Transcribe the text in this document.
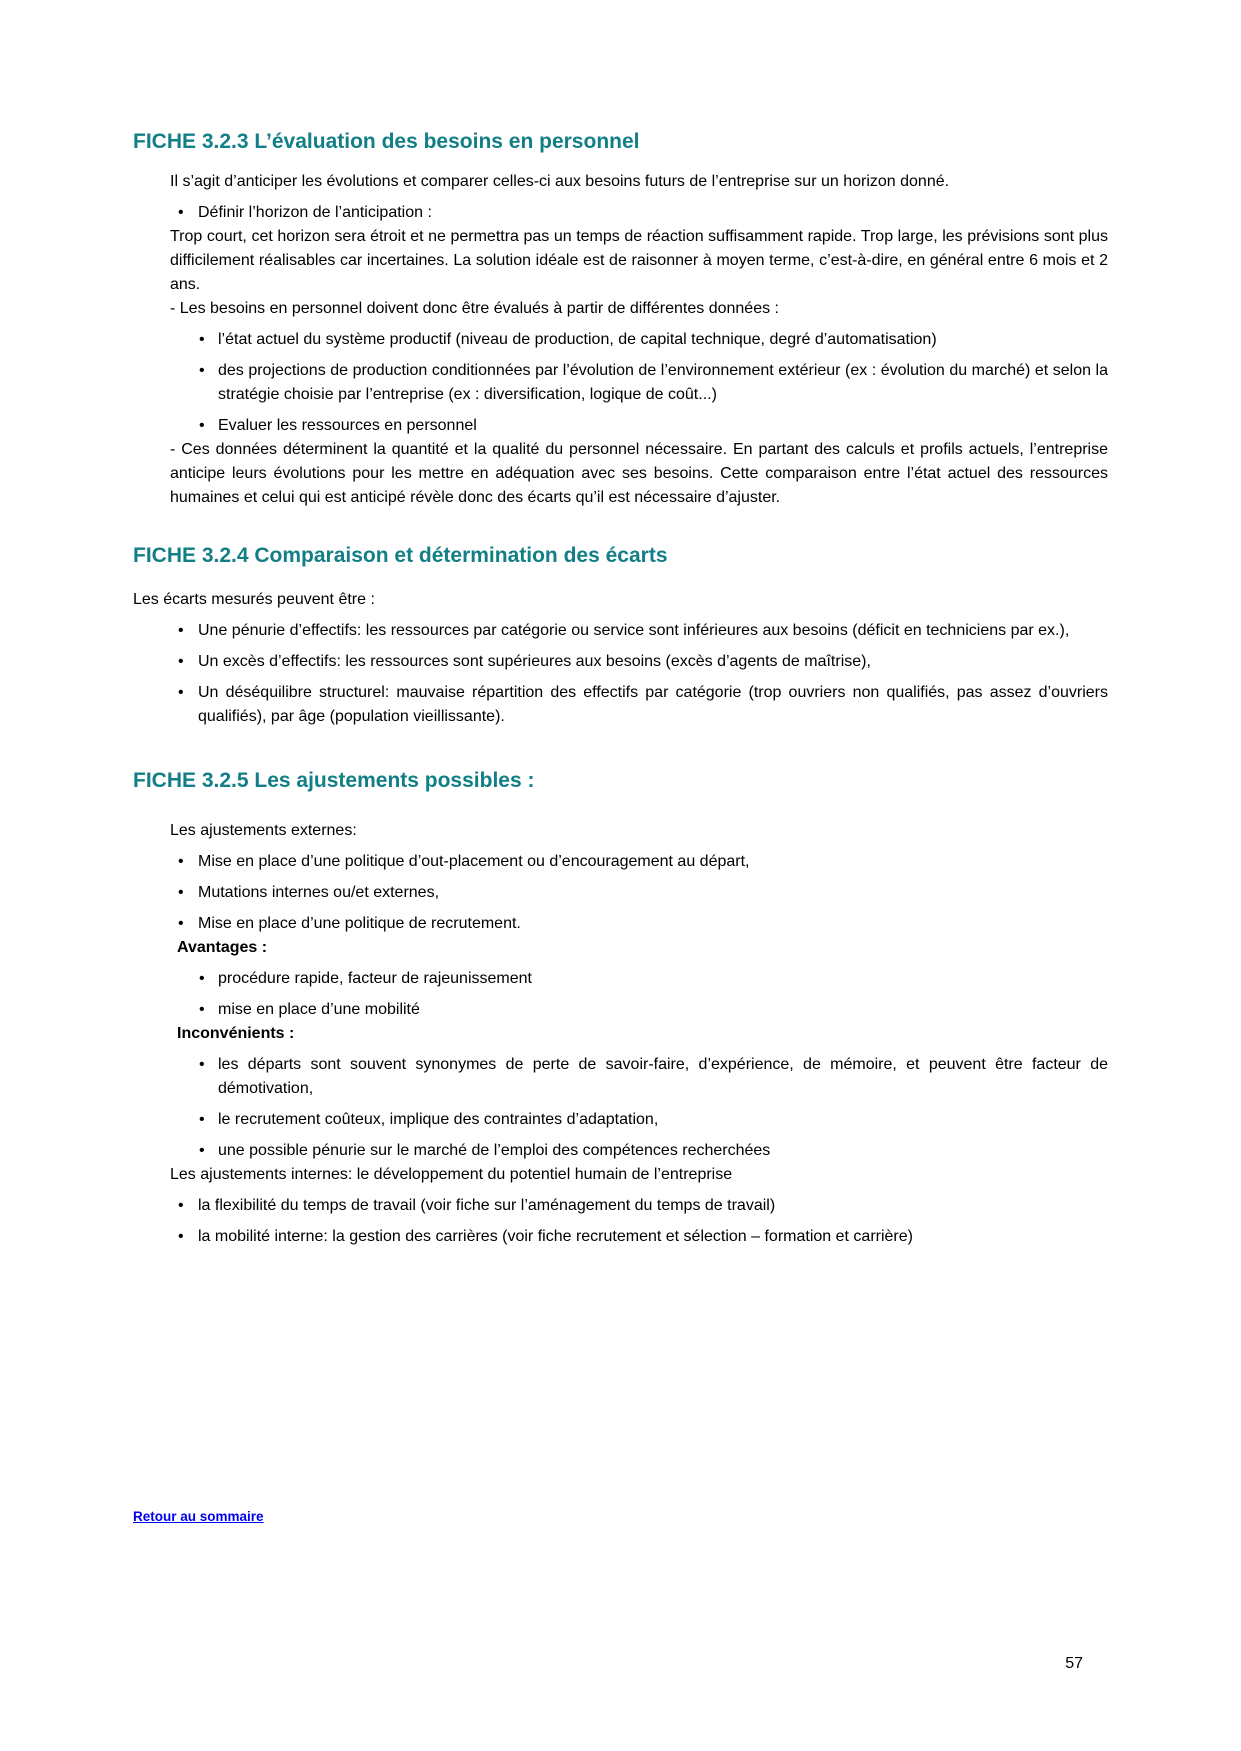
FICHE 3.2.3 L’évaluation des besoins en personnel

Il s’agit d’anticiper les évolutions et comparer celles-ci aux besoins futurs de l’entreprise sur un horizon donné.

• Définir l’horizon de l’anticipation :

Trop court, cet horizon sera étroit et ne permettra pas un temps de réaction suffisamment rapide. Trop large, les prévisions sont plus difficilement réalisables car incertaines. La solution idéale est de raisonner à moyen terme, c’est-à-dire, en général entre 6 mois et 2 ans.

- Les besoins en personnel doivent donc être évalués à partir de différentes données :

• l’état actuel du système productif (niveau de production, de capital technique, degré d’automatisation)

• des projections de production conditionnées par l’évolution de l’environnement extérieur (ex : évolution du marché) et selon la stratégie choisie par l’entreprise (ex : diversification, logique de coût...)

• Evaluer les ressources en personnel

- Ces données déterminent la quantité et la qualité du personnel nécessaire. En partant des calculs et profils actuels, l’entreprise anticipe leurs évolutions pour les mettre en adéquation avec ses besoins. Cette comparaison entre l’état actuel des ressources humaines et celui qui est anticipé révèle donc des écarts qu’il est nécessaire d’ajuster.

FICHE 3.2.4 Comparaison et détermination des écarts

Les écarts mesurés peuvent être :

• Une pénurie d’effectifs: les ressources par catégorie ou service sont inférieures aux besoins (déficit en techniciens par ex.),

• Un excès d’effectifs: les ressources sont supérieures aux besoins (excès d’agents de maîtrise),

• Un déséquilibre structurel: mauvaise répartition des effectifs par catégorie (trop ouvriers non qualifiés, pas assez d’ouvriers qualifiés), par âge (population vieillissante).

FICHE 3.2.5 Les ajustements possibles :

Les ajustements externes:

• Mise en place d’une politique d’out-placement ou d’encouragement au départ,

• Mutations internes ou/et externes,

• Mise en place d’une politique de recrutement.

Avantages :

• procédure rapide, facteur de rajeunissement

• mise en place d’une mobilité

Inconvénients :

• les départs sont souvent synonymes de perte de savoir-faire, d’expérience, de mémoire, et peuvent être facteur de démotivation,

• le recrutement coûteux, implique des contraintes d’adaptation,

• une possible pénurie sur le marché de l’emploi des compétences recherchées

Les ajustements internes: le développement du potentiel humain de l’entreprise

• la flexibilité du temps de travail (voir fiche sur l’aménagement du temps de travail)

• la mobilité interne: la gestion des carrières (voir fiche recrutement et sélection – formation et carrière)

Retour au sommaire
57
